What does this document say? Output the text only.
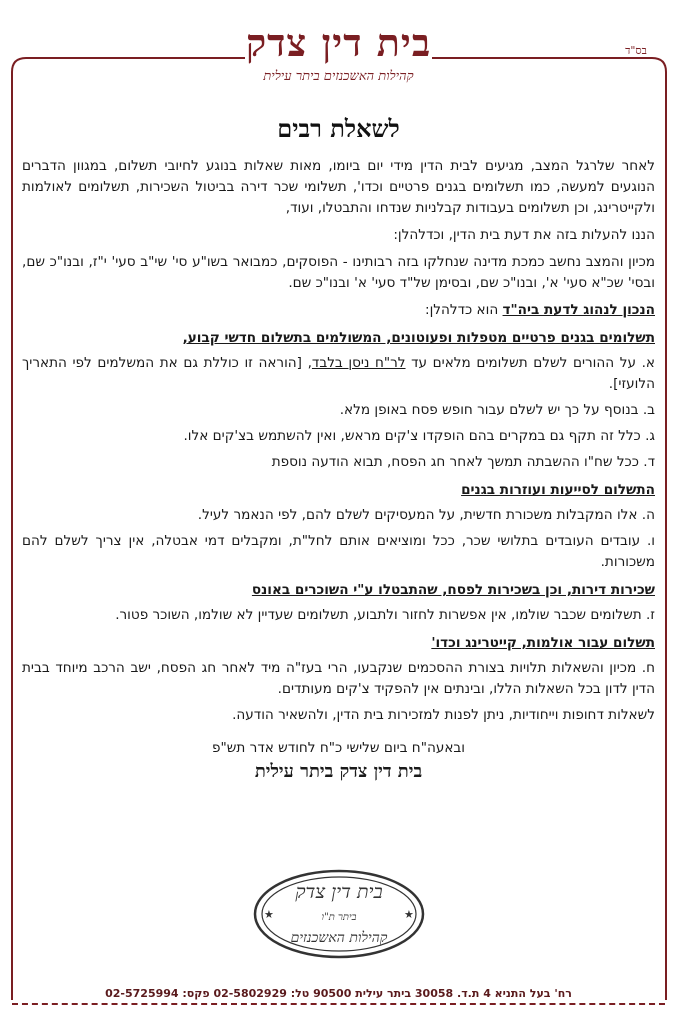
בס"ד
בית דין צדק
קהילות האשכנזים ביתר עילית
לשאלת רבים

לאחר שלרגל המצב, מגיעים לבית הדין מידי יום ביומו, מאות שאלות בנוגע לחיובי תשלום, במגוון הדברים הנוגעים למעשה, כמו תשלומים בגנים פרטיים וכדו', תשלומי שכר דירה בביטול השכירות, תשלומים לאולמות ולקייטרינג, וכן תשלומים בעבודות קבלניות שנדחו והתבטלו, ועוד,

הננו להעלות בזה את דעת בית הדין, וכדלהלן:

מכיון והמצב נחשב כמכת מדינה שנחלקו בזה רבותינו - הפוסקים, כמבואר בשו"ע סי' שי"ב סעי' י"ז, ובנו"כ שם, ובסי' שכ"א סעי' א', ובנו"כ שם, ובסימן של"ד סעי' א' ובנו"כ שם.

הנכון לנהוג לדעת ביה"ד הוא כדלהלן:

תשלומים בגנים פרטיים מטפלות ופעוטונים, המשולמים בתשלום חדשי קבוע,

א. על ההורים לשלם תשלומים מלאים עד לר"ח ניסן בלבד, [הוראה זו כוללת גם את המשלמים לפי התאריך הלועזי].

ב. בנוסף על כך יש לשלם עבור חופש פסח באופן מלא.

ג. כלל זה תקף גם במקרים בהם הופקדו צ'קים מראש, ואין להשתמש בצ'קים אלו.

ד. ככל שח"ו ההשבתה תמשך לאחר חג הפסח, תבוא הודעה נוספת

התשלום לסייעות ועוזרות בגנים

ה. אלו המקבלות משכורת חדשית, על המעסיקים לשלם להם, לפי הנאמר לעיל.

ו. עובדים העובדים בתלושי שכר, ככל ומוציאים אותם לחל"ת, ומקבלים דמי אבטלה, אין צריך לשלם להם משכורות.

שכירות דירות, וכן בשכירות לפסח, שהתבטלו ע"י השוכרים באונס

ז. תשלומים שכבר שולמו, אין אפשרות לחזור ולתבוע, תשלומים שעדיין לא שולמו, השוכר פטור.

תשלום עבור אולמות, קייטרינג וכדו'

ח. מכיון והשאלות תלויות בצורת ההסכמים שנקבעו, הרי בעז"ה מיד לאחר חג הפסח, ישב הרכב מיוחד בבית הדין לדון בכל השאלות הללו, ובינתים אין להפקיד צ'קים מעותדים.

לשאלות דחופות וייחודיות, ניתן לפנות למזכירות בית הדין, ולהשאיר הודעה.

ובאעה"ח ביום שלישי כ"ח לחודש אדר תש"פ
בית דין צדק ביתר עילית
★	★
בית דין צדק
ביתר ת"ו
קהילות האשכנזים
רח' בעל התניא 4 ת.ד. 30058 ביתר עילית 90500 טל: 02-5802929 פקס: 02-5725994
